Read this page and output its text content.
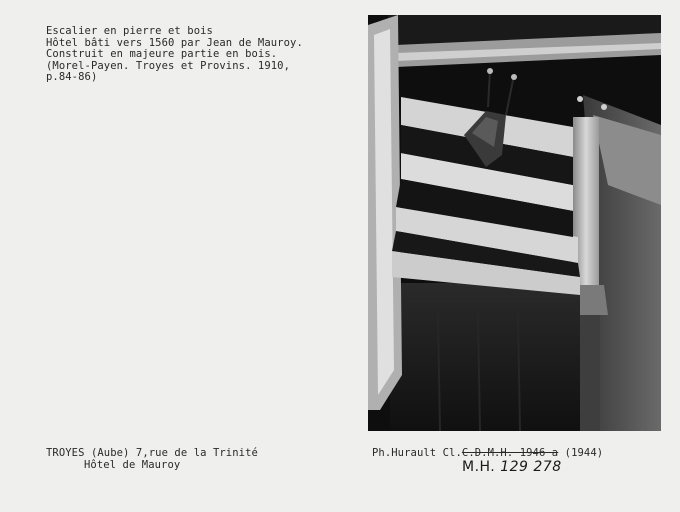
Escalier en pierre et bois
Hôtel bâti vers 1560 par Jean de Mauroy.
Construit en majeure partie en bois.
(Morel-Payen. Troyes et Provins. 1910,
p.84-86)
TROYES (Aube) 7,rue de la Trinité
Hôtel de Mauroy
Ph.Hurault Cl.C.D.M.H. 1946 a (1944)
M.H. 129 278
